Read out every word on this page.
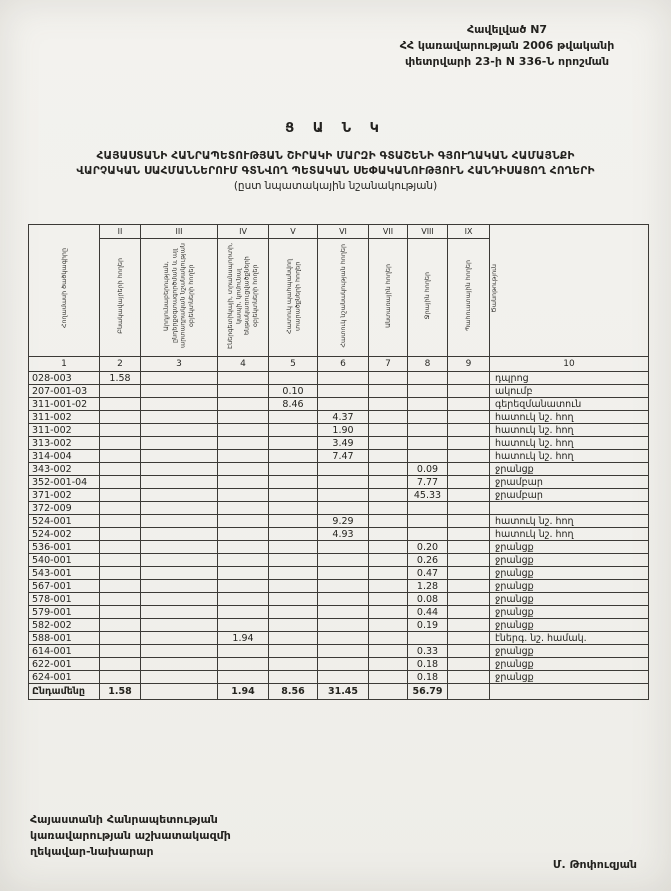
Հավելված N7
ՀՀ կառավարության 2006 թվականի
փետրվարի 23-ի N 336-Ն որոշման
Ց Ա Ն Կ
ՀԱՅԱՍՏԱՆԻ ՀԱՆՐԱՊԵՏՈՒԹՅԱՆ ՇԻՐԱԿԻ ՄԱՐԶԻ ԳՏԱՇԵՆԻ ԳՅՈՒՂԱԿԱՆ ՀԱՄԱՅՆՔԻ
ՎԱՐՉԱԿԱՆ ՍԱՀՄԱՆՆԵՐՈՒՄ ԳՏՆՎՈՂ ՊԵՏԱԿԱՆ ՍԵՓԱԿԱՆՈՒԹՅՈՒՆ ՀԱՆԴԻՍԱՑՈՂ ՀՈՂԵՐԻ
(ըստ նպատակային նշանակության)
Հողամասի ծածկագիրը	II	III	IV	V	VI	VII	VIII	IX	Ծանոթություն
	Բնակավայրերի հողեր	Արդյունաբերության, ընդերքօգտագործման և այլ արտադրական նշանակության օբյեկտների հողեր	Էներգետիկայի, տրանսպորտի, կապի, կոմունալ ենթակառուցվածքների օբյեկտների հողեր	Հատուկ պահպանվող տարածքների հողեր	Հատուկ նշանակության հողեր	Անտառային հողեր	Ջրային հողեր	Պահուստային հողեր	
1	2	3	4	5	6	7	8	9	10
028-003	1.58								դպրոց
207-001-03				0.10					ակումբ
311-001-02				8.46					գերեզմանատուն
311-002					4.37				հատուկ նշ. հող
311-002					1.90				հատուկ նշ. հող
313-002					3.49				հատուկ նշ. հող
314-004					7.47				հատուկ նշ. հող
343-002							0.09		ջրանցք
352-001-04							7.77		ջրամբար
371-002							45.33		ջրամբար
372-009									
524-001					9.29				հատուկ նշ. հող
524-002					4.93				հատուկ նշ. հող
536-001							0.20		ջրանցք
540-001							0.26		ջրանցք
543-001							0.47		ջրանցք
567-001							1.28		ջրանցք
578-001							0.08		ջրանցք
579-001							0.44		ջրանցք
582-002							0.19		ջրանցք
588-001			1.94						էներգ. նշ. համակ.
614-001							0.33		ջրանցք
622-001							0.18		ջրանցք
624-001							0.18		ջրանցք
Ընդամենը	1.58		1.94	8.56	31.45		56.79		
Հայաստանի Հանրապետության
կառավարության աշխատակազմի
ղեկավար-նախարար
Մ. Թոփուզյան
